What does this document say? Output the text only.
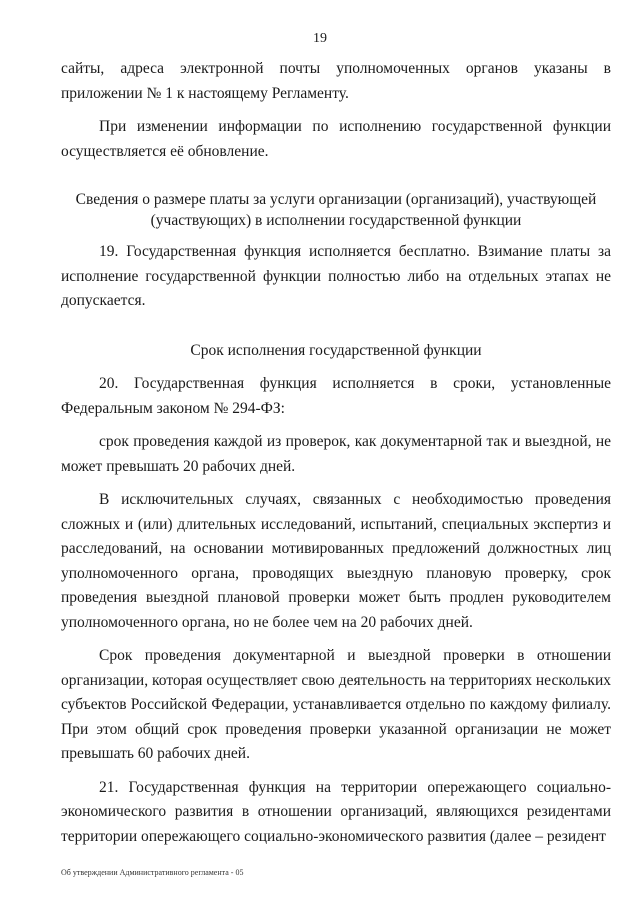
19

сайты, адреса электронной почты уполномоченных органов указаны в приложении № 1 к настоящему Регламенту.

При изменении информации по исполнению государственной функции осуществляется её обновление.

Сведения о размере платы за услуги организации (организаций), участвующей (участвующих) в исполнении государственной функции

19. Государственная функция исполняется бесплатно. Взимание платы за исполнение государственной функции полностью либо на отдельных этапах не допускается.

Срок исполнения государственной функции

20. Государственная функция исполняется в сроки, установленные Федеральным законом № 294-ФЗ:

срок проведения каждой из проверок, как документарной так и выездной, не может превышать 20 рабочих дней.

В исключительных случаях, связанных с необходимостью проведения сложных и (или) длительных исследований, испытаний, специальных экспертиз и расследований, на основании мотивированных предложений должностных лиц уполномоченного органа, проводящих выездную плановую проверку, срок проведения выездной плановой проверки может быть продлен руководителем уполномоченного органа, но не более чем на 20 рабочих дней.

Срок проведения документарной и выездной проверки в отношении организации, которая осуществляет свою деятельность на территориях нескольких субъектов Российской Федерации, устанавливается отдельно по каждому филиалу. При этом общий срок проведения проверки указанной организации не может превышать 60 рабочих дней.

21. Государственная функция на территории опережающего социально-экономического развития в отношении организаций, являющихся резидентами территории опережающего социально-экономического развития (далее – резидент

Об утверждении Административного регламента - 05
